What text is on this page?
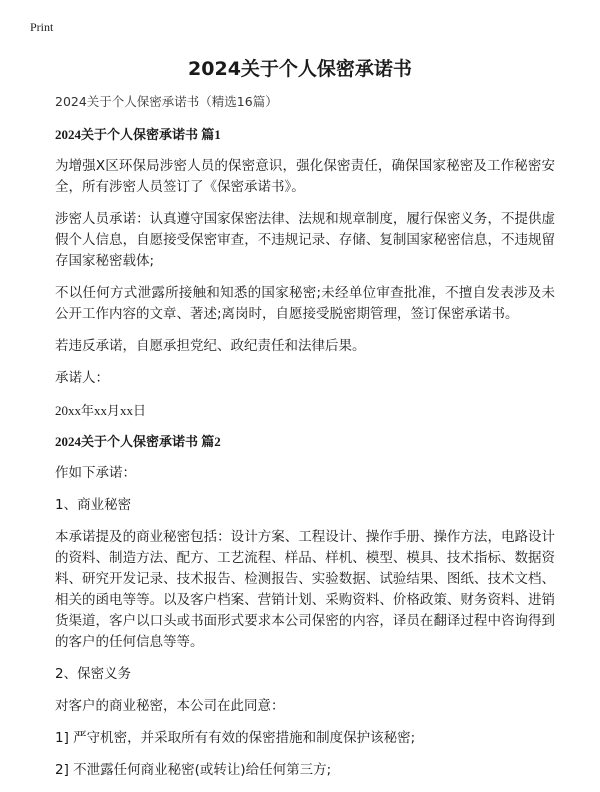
Print
2024关于个人保密承诺书

2024关于个人保密承诺书（精选16篇）

2024关于个人保密承诺书 篇1

为增强X区环保局涉密人员的保密意识，强化保密责任，确保国家秘密及工作秘密安全，所有涉密人员签订了《保密承诺书》。

涉密人员承诺：认真遵守国家保密法律、法规和规章制度，履行保密义务，不提供虚假个人信息，自愿接受保密审查，不违规记录、存储、复制国家秘密信息，不违规留存国家秘密载体;

不以任何方式泄露所接触和知悉的国家秘密;未经单位审查批准，不擅自发表涉及未公开工作内容的文章、著述;离岗时，自愿接受脱密期管理，签订保密承诺书。

若违反承诺，自愿承担党纪、政纪责任和法律后果。

承诺人：

20xx年xx月xx日

2024关于个人保密承诺书 篇2

作如下承诺：

1、商业秘密

本承诺提及的商业秘密包括：设计方案、工程设计、操作手册、操作方法，电路设计的资料、制造方法、配方、工艺流程、样品、样机、模型、模具、技术指标、数据资料、研究开发记录、技术报告、检测报告、实验数据、试验结果、图纸、技术文档、相关的函电等等。以及客户档案、营销计划、采购资料、价格政策、财务资料、进销货渠道，客户以口头或书面形式要求本公司保密的内容，译员在翻译过程中咨询得到的客户的任何信息等等。

2、保密义务

对客户的商业秘密，本公司在此同意：

1] 严守机密，并采取所有有效的保密措施和制度保护该秘密;

2] 不泄露任何商业秘密(或转让)给任何第三方;
